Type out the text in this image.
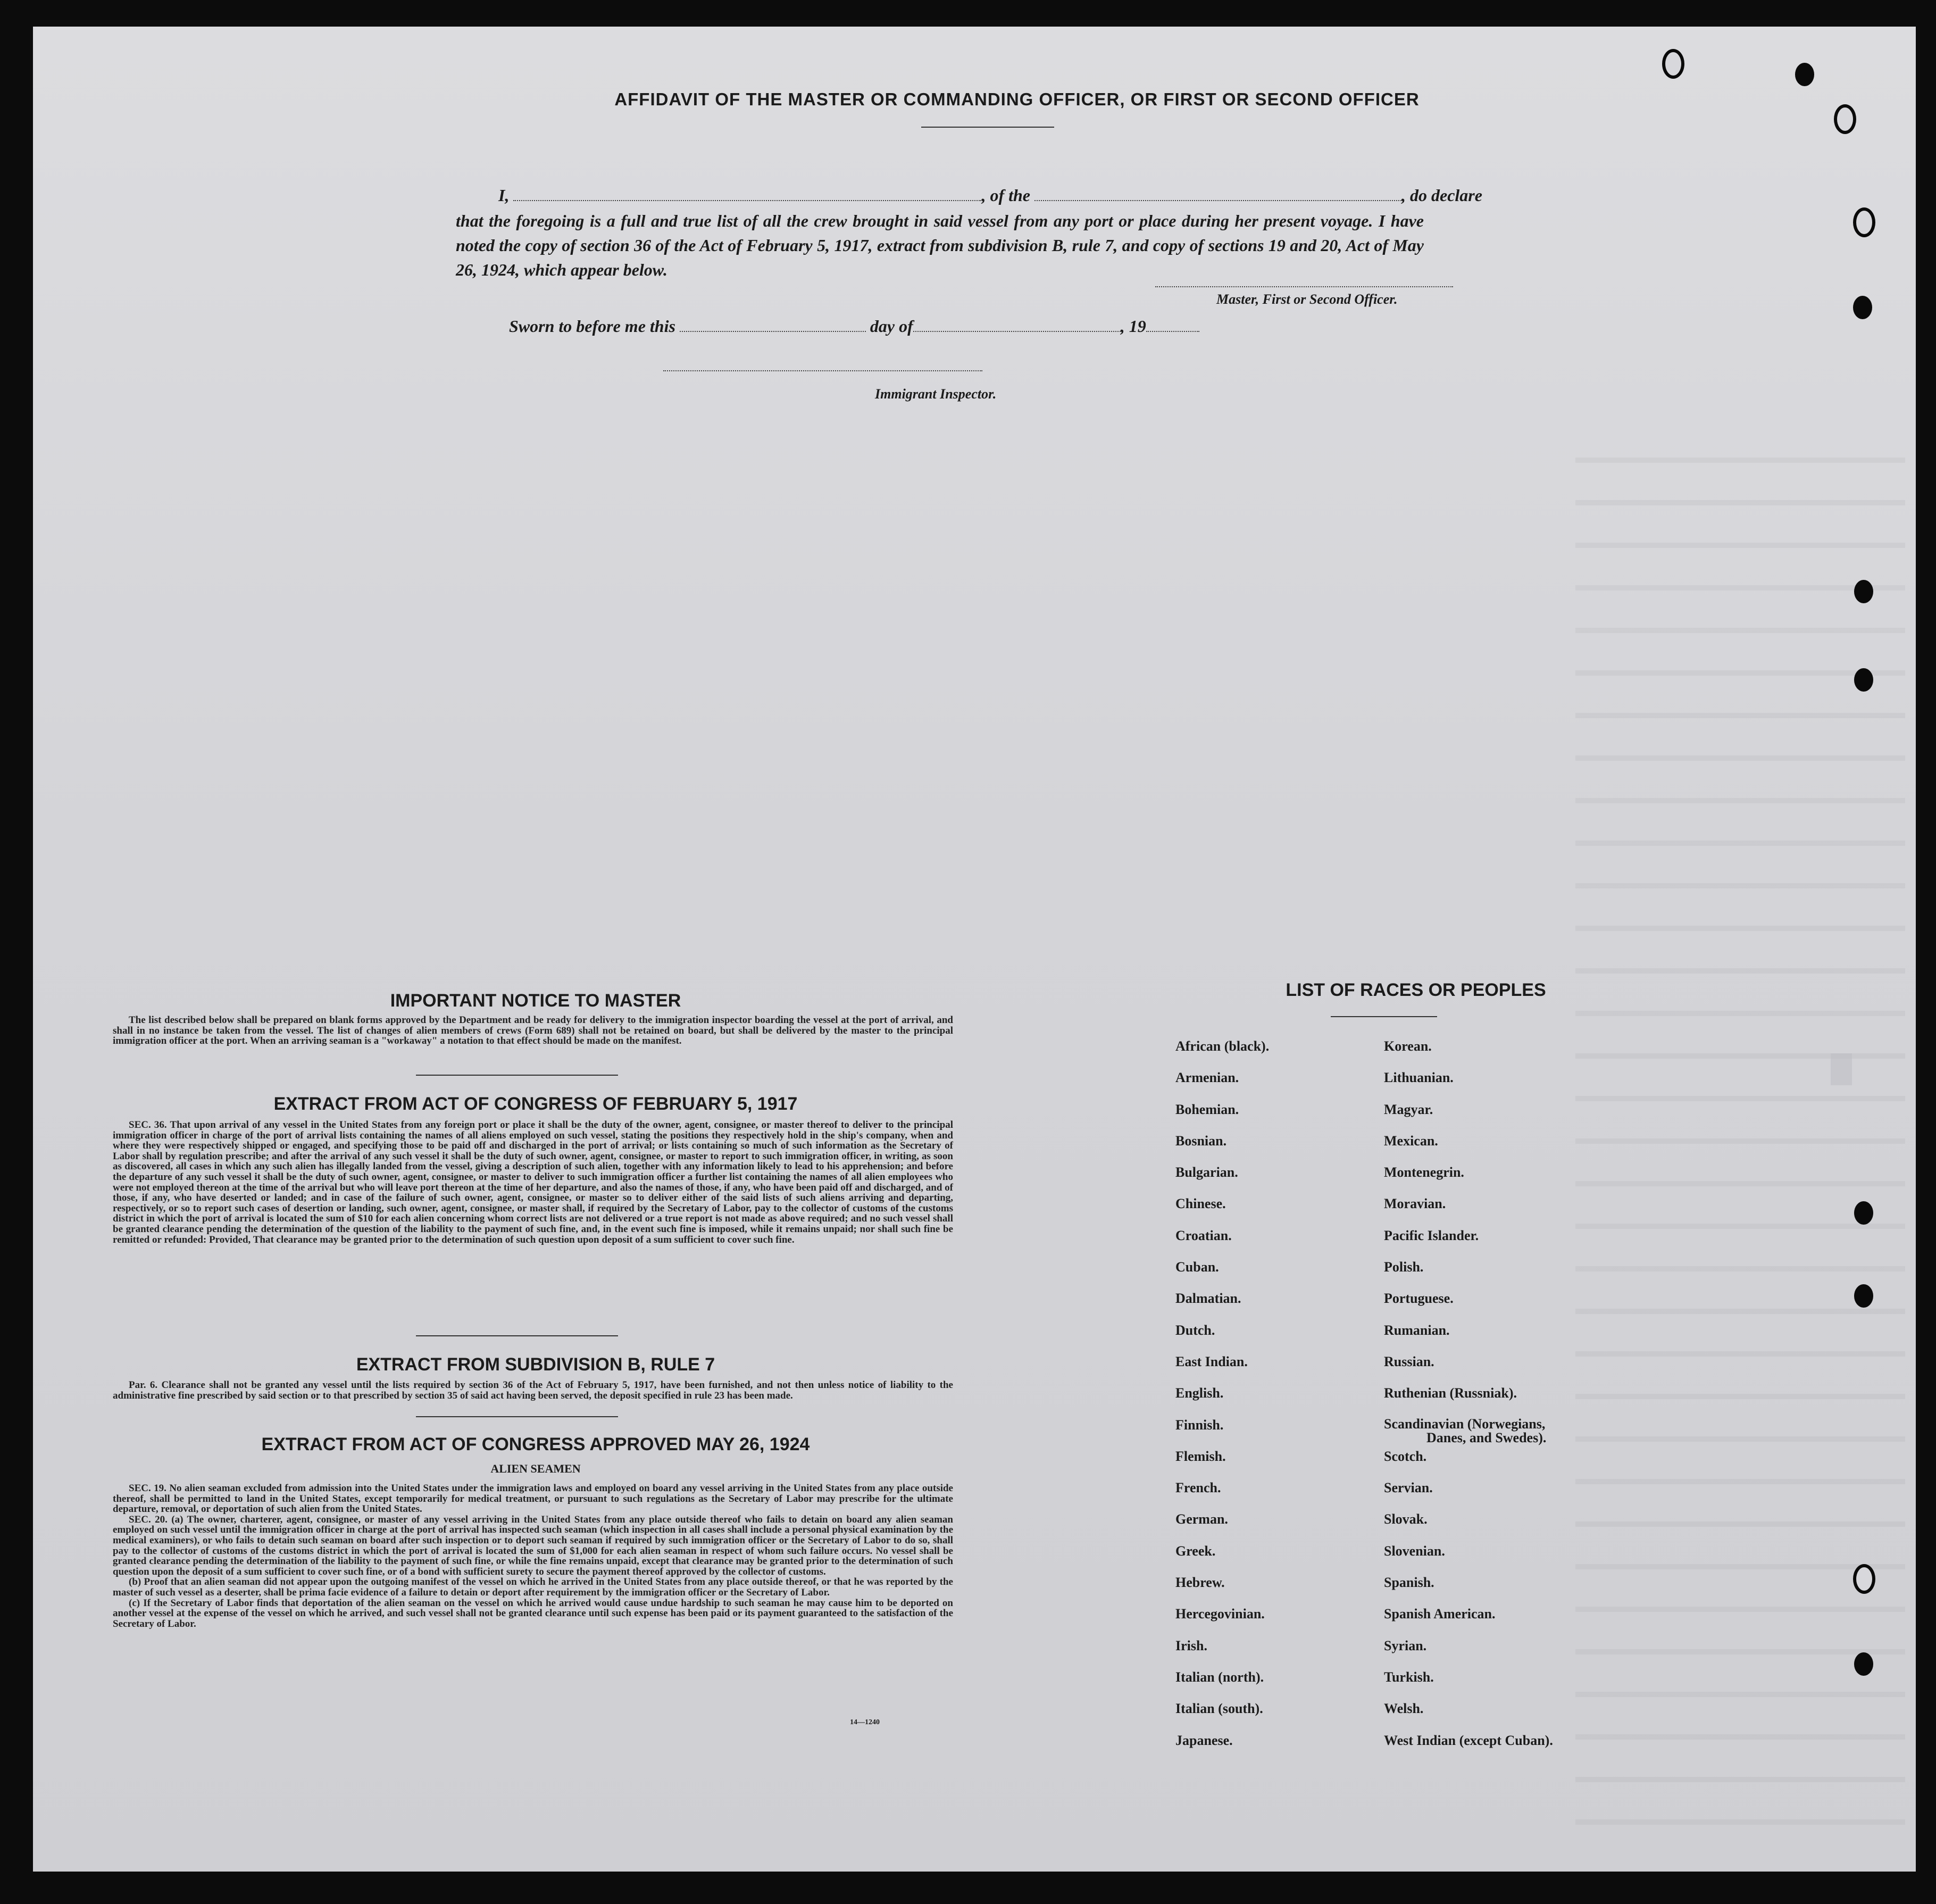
AFFIDAVIT OF THE MASTER OR COMMANDING OFFICER, OR FIRST OR SECOND OFFICER
I,	, of the	, do declare
that the foregoing is a full and true list of all the crew brought in said vessel from any port or place during her present voyage. I have noted the copy of section 36 of the Act of February 5, 1917, extract from subdivision B, rule 7, and copy of sections 19 and 20, Act of May 26, 1924, which appear below.
Master, First or Second Officer.
Sworn to before me this	day of	, 19
Immigrant Inspector.
IMPORTANT NOTICE TO MASTER

The list described below shall be prepared on blank forms approved by the Department and be ready for delivery to the immigration inspector boarding the vessel at the port of arrival, and shall in no instance be taken from the vessel. The list of changes of alien members of crews (Form 689) shall not be retained on board, but shall be delivered by the master to the principal immigration officer at the port. When an arriving seaman is a "workaway" a notation to that effect should be made on the manifest.

EXTRACT FROM ACT OF CONGRESS OF FEBRUARY 5, 1917

SEC. 36. That upon arrival of any vessel in the United States from any foreign port or place it shall be the duty of the owner, agent, consignee, or master thereof to deliver to the principal immigration officer in charge of the port of arrival lists containing the names of all aliens employed on such vessel, stating the positions they respectively hold in the ship's company, when and where they were respectively shipped or engaged, and specifying those to be paid off and discharged in the port of arrival; or lists containing so much of such information as the Secretary of Labor shall by regulation prescribe; and after the arrival of any such vessel it shall be the duty of such owner, agent, consignee, or master to report to such immigration officer, in writing, as soon as discovered, all cases in which any such alien has illegally landed from the vessel, giving a description of such alien, together with any information likely to lead to his apprehension; and before the departure of any such vessel it shall be the duty of such owner, agent, consignee, or master to deliver to such immigration officer a further list containing the names of all alien employees who were not employed thereon at the time of the arrival but who will leave port thereon at the time of her departure, and also the names of those, if any, who have been paid off and discharged, and of those, if any, who have deserted or landed; and in case of the failure of such owner, agent, consignee, or master so to deliver either of the said lists of such aliens arriving and departing, respectively, or so to report such cases of desertion or landing, such owner, agent, consignee, or master shall, if required by the Secretary of Labor, pay to the collector of customs of the customs district in which the port of arrival is located the sum of $10 for each alien concerning whom correct lists are not delivered or a true report is not made as above required; and no such vessel shall be granted clearance pending the determination of the question of the liability to the payment of such fine, and, in the event such fine is imposed, while it remains unpaid; nor shall such fine be remitted or refunded: Provided, That clearance may be granted prior to the determination of such question upon deposit of a sum sufficient to cover such fine.

EXTRACT FROM SUBDIVISION B, RULE 7

Par. 6. Clearance shall not be granted any vessel until the lists required by section 36 of the Act of February 5, 1917, have been furnished, and not then unless notice of liability to the administrative fine prescribed by said section or to that prescribed by section 35 of said act having been served, the deposit specified in rule 23 has been made.

EXTRACT FROM ACT OF CONGRESS APPROVED MAY 26, 1924
ALIEN SEAMEN

SEC. 19. No alien seaman excluded from admission into the United States under the immigration laws and employed on board any vessel arriving in the United States from any place outside thereof, shall be permitted to land in the United States, except temporarily for medical treatment, or pursuant to such regulations as the Secretary of Labor may prescribe for the ultimate departure, removal, or deportation of such alien from the United States.

SEC. 20. (a) The owner, charterer, agent, consignee, or master of any vessel arriving in the United States from any place outside thereof who fails to detain on board any alien seaman employed on such vessel until the immigration officer in charge at the port of arrival has inspected such seaman (which inspection in all cases shall include a personal physical examination by the medical examiners), or who fails to detain such seaman on board after such inspection or to deport such seaman if required by such immigration officer or the Secretary of Labor to do so, shall pay to the collector of customs of the customs district in which the port of arrival is located the sum of $1,000 for each alien seaman in respect of whom such failure occurs. No vessel shall be granted clearance pending the determination of the liability to the payment of such fine, or while the fine remains unpaid, except that clearance may be granted prior to the determination of such question upon the deposit of a sum sufficient to cover such fine, or of a bond with sufficient surety to secure the payment thereof approved by the collector of customs.

(b) Proof that an alien seaman did not appear upon the outgoing manifest of the vessel on which he arrived in the United States from any place outside thereof, or that he was reported by the master of such vessel as a deserter, shall be prima facie evidence of a failure to detain or deport after requirement by the immigration officer or the Secretary of Labor.

(c) If the Secretary of Labor finds that deportation of the alien seaman on the vessel on which he arrived would cause undue hardship to such seaman he may cause him to be deported on another vessel at the expense of the vessel on which he arrived, and such vessel shall not be granted clearance until such expense has been paid or its payment guaranteed to the satisfaction of the Secretary of Labor.

14—1240
LIST OF RACES OR PEOPLES
African (black).
Armenian.
Bohemian.
Bosnian.
Bulgarian.
Chinese.
Croatian.
Cuban.
Dalmatian.
Dutch.
East Indian.
English.
Finnish.
Flemish.
French.
German.
Greek.
Hebrew.
Hercegovinian.
Irish.
Italian (north).
Italian (south).
Japanese.
Korean.
Lithuanian.
Magyar.
Mexican.
Montenegrin.
Moravian.
Pacific Islander.
Polish.
Portuguese.
Rumanian.
Russian.
Ruthenian (Russniak).
Scandinavian (Norwegians,
Danes, and Swedes).
Scotch.
Servian.
Slovak.
Slovenian.
Spanish.
Spanish American.
Syrian.
Turkish.
Welsh.
West Indian (except Cuban).
